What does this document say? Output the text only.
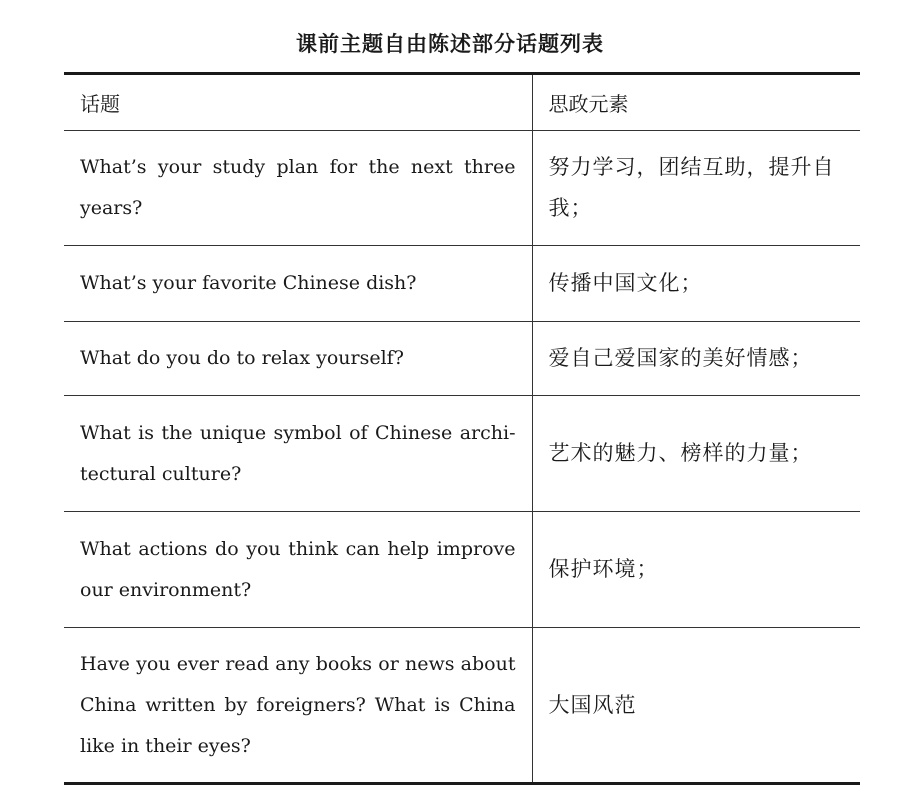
课前主题自由陈述部分话题列表
话题	思政元素
What’s your study plan for the next three years?	努力学习，团结互助，提升自我；
What’s your favorite Chinese dish?	传播中国文化；
What do you do to relax yourself?	爱自己爱国家的美好情感；
What is the unique symbol of Chinese archi-tectural culture?	艺术的魅力、榜样的力量；
What actions do you think can help improve our environment?	保护环境；
Have you ever read any books or news about China written by foreigners? What is China like in their eyes?	大国风范
